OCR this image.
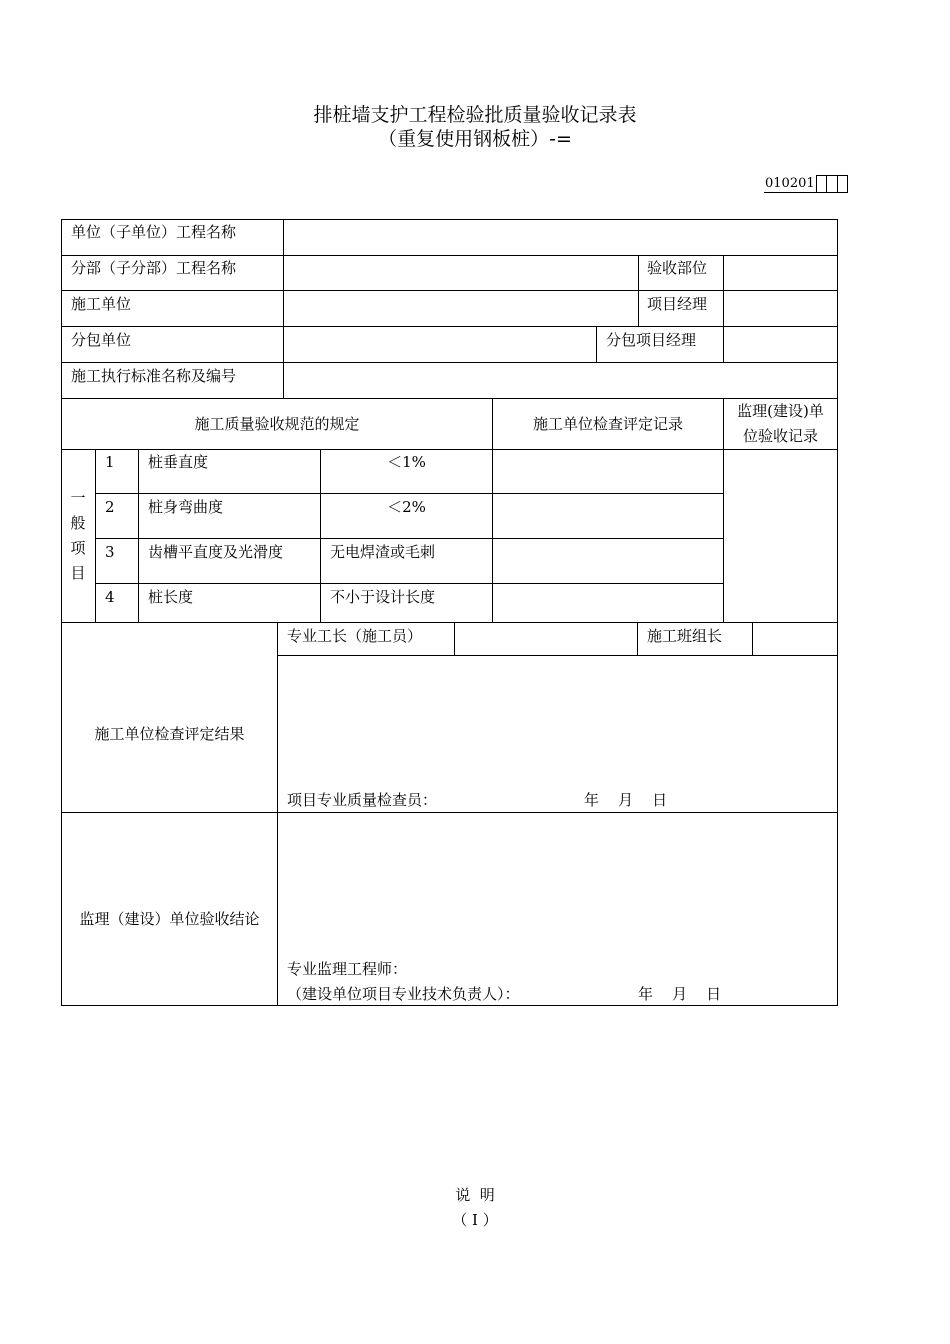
排桩墙支护工程检验批质量验收记录表
（重复使用钢板桩）-=
010201
单位（子单位）工程名称
分部（子分部）工程名称	验收部位
施工单位	项目经理
分包单位	分包项目经理
施工执行标准名称及编号
施工质量验收规范的规定	施工单位检查评定记录
监理(建设)单
位验收记录
一
般
项
目
1 桩垂直度	＜1%
2 桩身弯曲度	＜2%
3 齿槽平直度及光滑度	无电焊渣或毛刺
4 桩长度	不小于设计长度
专业工长（施工员）	施工班组长
施工单位检查评定结果
项目专业质量检查员：	年    月    日
监理（建设）单位验收结论
专业监理工程师：
（建设单位项目专业技术负责人）：	年    月    日
说  明
（ I ）
